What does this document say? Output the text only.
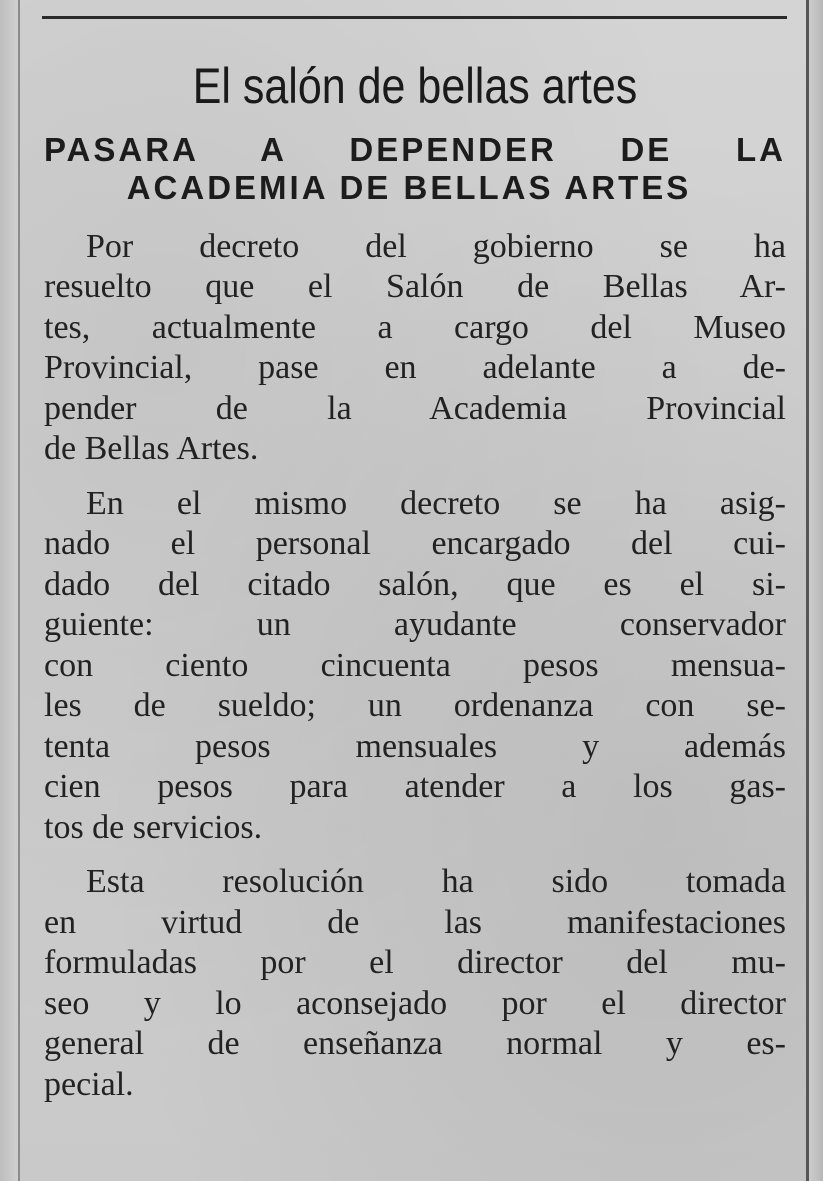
El salón de bellas artes
PASARA A DEPENDER DE LA
ACADEMIA DE BELLAS ARTES
Por decreto del gobierno se ha
resuelto que el Salón de Bellas Ar-
tes, actualmente a cargo del Museo
Provincial, pase en adelante a de-
pender de la Academia Provincial
de Bellas Artes.
En el mismo decreto se ha asig-
nado el personal encargado del cui-
dado del citado salón, que es el si-
guiente: un ayudante conservador
con ciento cincuenta pesos mensua-
les de sueldo; un ordenanza con se-
tenta pesos mensuales y además
cien pesos para atender a los gas-
tos de servicios.
Esta resolución ha sido tomada
en virtud de las manifestaciones
formuladas por el director del mu-
seo y lo aconsejado por el director
general de enseñanza normal y es-
pecial.
